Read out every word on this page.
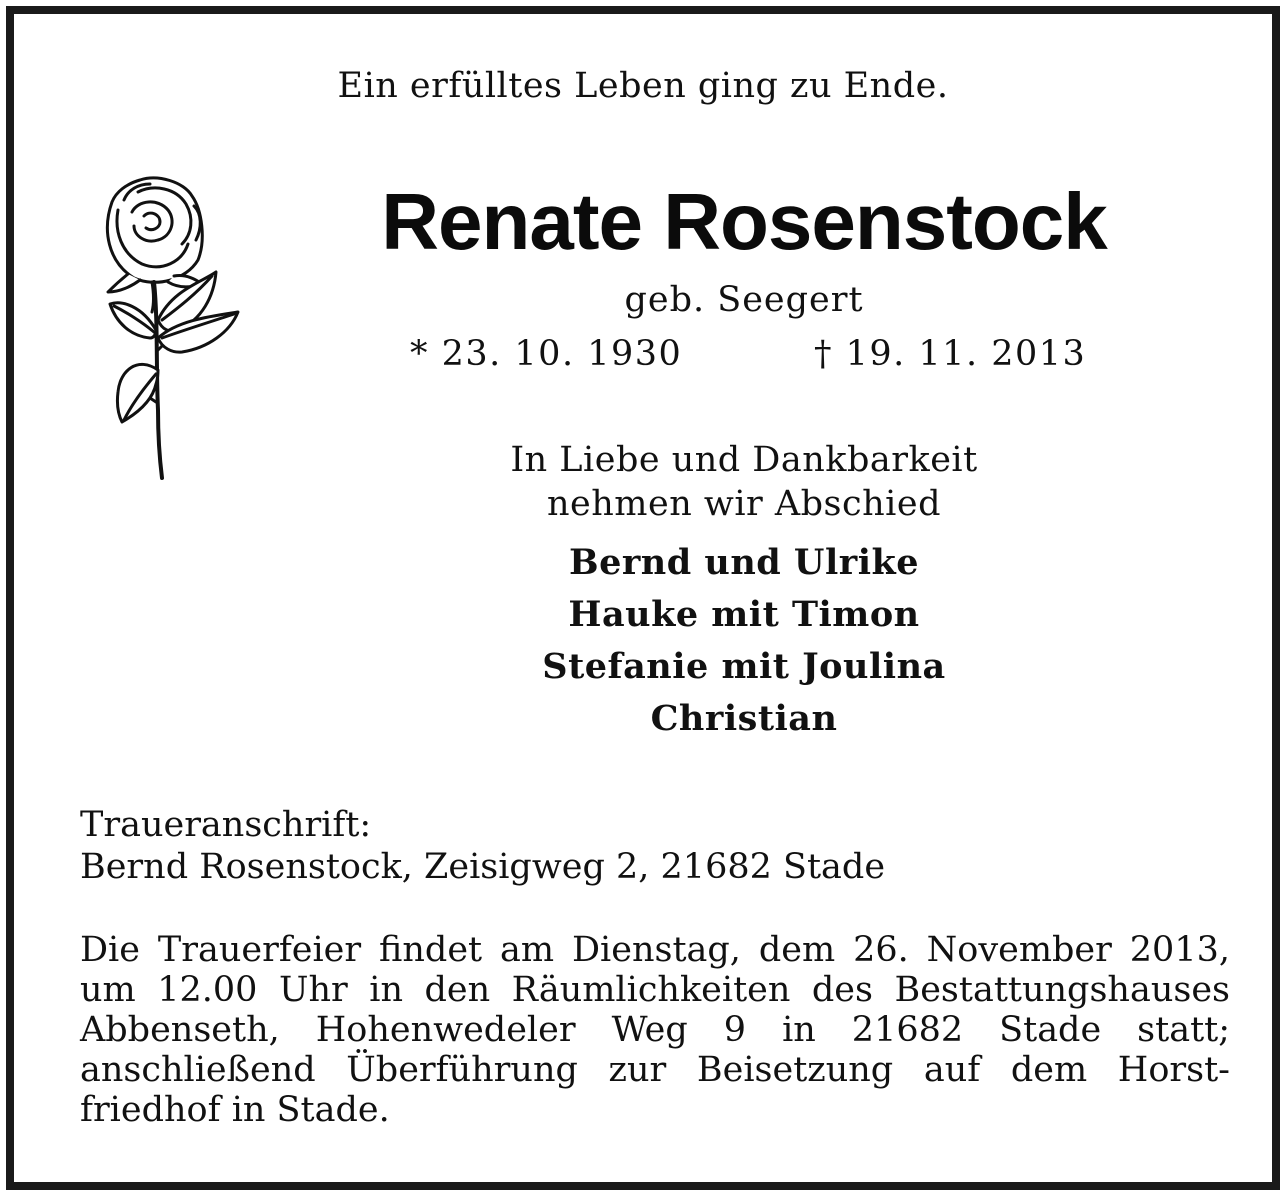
Ein erfülltes Leben ging zu Ende.
Renate Rosenstock
geb. Seegert
* 23. 10. 1930	† 19. 11. 2013
In Liebe und Dankbarkeit
nehmen wir Abschied
Bernd und Ulrike
Hauke mit Timon
Stefanie mit Joulina
Christian
Traueranschrift:
Bernd Rosenstock, Zeisigweg 2, 21682 Stade
Die Trauerfeier findet am Dienstag, dem 26. November 2013, um 12.00 Uhr in den Räumlichkeiten des Bestattungshauses Abbenseth, Hohenwedeler Weg 9 in 21682 Stade statt; anschließend Überführung zur Beisetzung auf dem Horstfriedhof in Stade.
